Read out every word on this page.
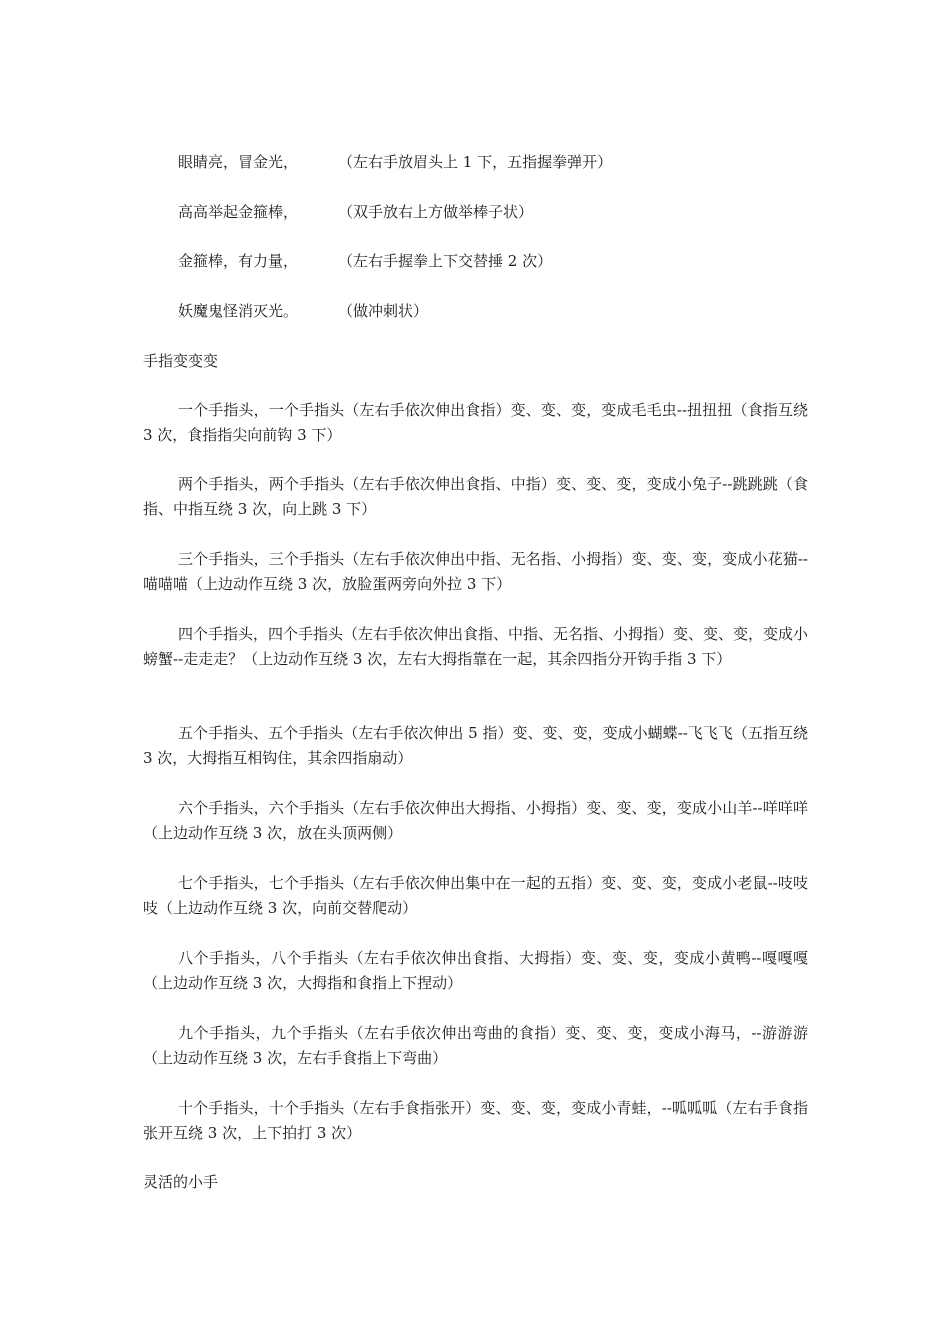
眼睛亮，冒金光，	（左右手放眉头上 1 下，五指握拳弹开）
高高举起金箍棒，	（双手放右上方做举棒子状）
金箍棒，有力量，	（左右手握拳上下交替捶 2 次）
妖魔鬼怪消灭光。	（做冲刺状）
手指变变变

一个手指头，一个手指头（左右手依次伸出食指）变、变、变，变成毛毛虫--扭扭扭（食指互绕 3 次，食指指尖向前钩 3 下）

两个手指头，两个手指头（左右手依次伸出食指、中指）变、变、变，变成小兔子--跳跳跳（食指、中指互绕 3 次，向上跳 3 下）

三个手指头，三个手指头（左右手依次伸出中指、无名指、小拇指）变、变、变，变成小花猫--喵喵喵（上边动作互绕 3 次，放脸蛋两旁向外拉 3 下）

四个手指头，四个手指头（左右手依次伸出食指、中指、无名指、小拇指）变、变、变，变成小螃蟹--走走走？（上边动作互绕 3 次，左右大拇指靠在一起，其余四指分开钩手指 3 下）

五个手指头、五个手指头（左右手依次伸出 5 指）变、变、变，变成小蝴蝶--飞飞飞（五指互绕 3 次，大拇指互相钩住，其余四指扇动）

六个手指头，六个手指头（左右手依次伸出大拇指、小拇指）变、变、变，变成小山羊--咩咩咩（上边动作互绕 3 次，放在头顶两侧）

七个手指头，七个手指头（左右手依次伸出集中在一起的五指）变、变、变，变成小老鼠--吱吱吱（上边动作互绕 3 次，向前交替爬动）

八个手指头，八个手指头（左右手依次伸出食指、大拇指）变、变、变，变成小黄鸭--嘎嘎嘎（上边动作互绕 3 次，大拇指和食指上下捏动）

九个手指头，九个手指头（左右手依次伸出弯曲的食指）变、变、变，变成小海马，--游游游（上边动作互绕 3 次，左右手食指上下弯曲）

十个手指头，十个手指头（左右手食指张开）变、变、变，变成小青蛙，--呱呱呱（左右手食指张开互绕 3 次，上下拍打 3 次）

灵活的小手
